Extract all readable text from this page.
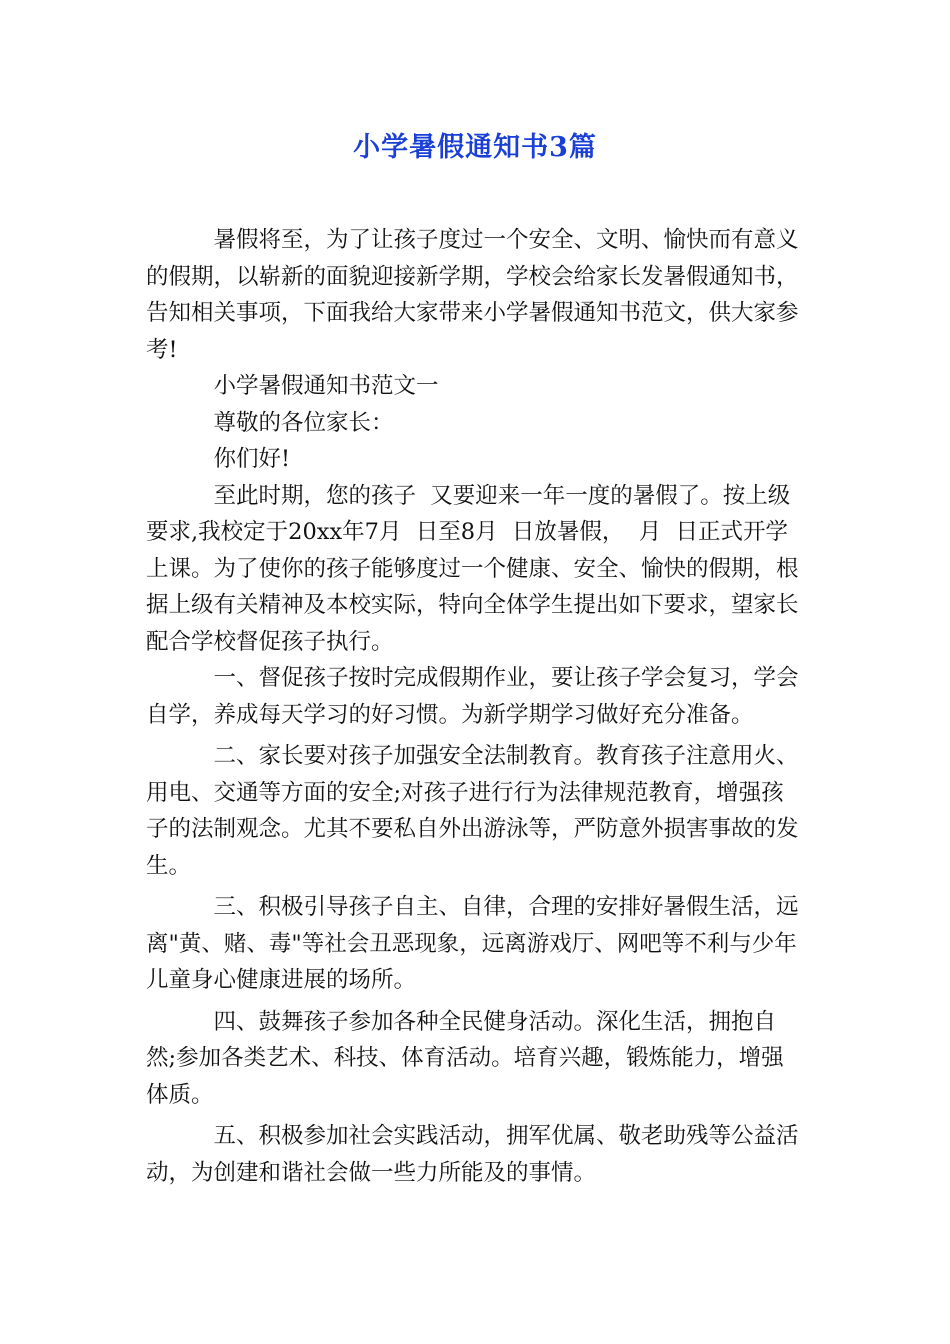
小学暑假通知书3篇

暑假将至，为了让孩子度过一个安全、文明、愉快而有意义的假期，以崭新的面貌迎接新学期，学校会给家长发暑假通知书，告知相关事项，下面我给大家带来小学暑假通知书范文，供大家参考!

小学暑假通知书范文一

尊敬的各位家长：

你们好!

至此时期，您的孩子  又要迎来一年一度的暑假了。按上级要求,我校定于20xx年7月  日至8月  日放暑假，  月  日正式开学上课。为了使你的孩子能够度过一个健康、安全、愉快的假期，根据上级有关精神及本校实际，特向全体学生提出如下要求，望家长配合学校督促孩子执行。

一、督促孩子按时完成假期作业，要让孩子学会复习，学会自学，养成每天学习的好习惯。为新学期学习做好充分准备。

二、家长要对孩子加强安全法制教育。教育孩子注意用火、用电、交通等方面的安全;对孩子进行行为法律规范教育，增强孩子的法制观念。尤其不要私自外出游泳等，严防意外损害事故的发生。

三、积极引导孩子自主、自律，合理的安排好暑假生活，远离"黄、赌、毒"等社会丑恶现象，远离游戏厅、网吧等不利与少年儿童身心健康进展的场所。

四、鼓舞孩子参加各种全民健身活动。深化生活，拥抱自然;参加各类艺术、科技、体育活动。培育兴趣，锻炼能力，增强体质。

五、积极参加社会实践活动，拥军优属、敬老助残等公益活动，为创建和谐社会做一些力所能及的事情。
